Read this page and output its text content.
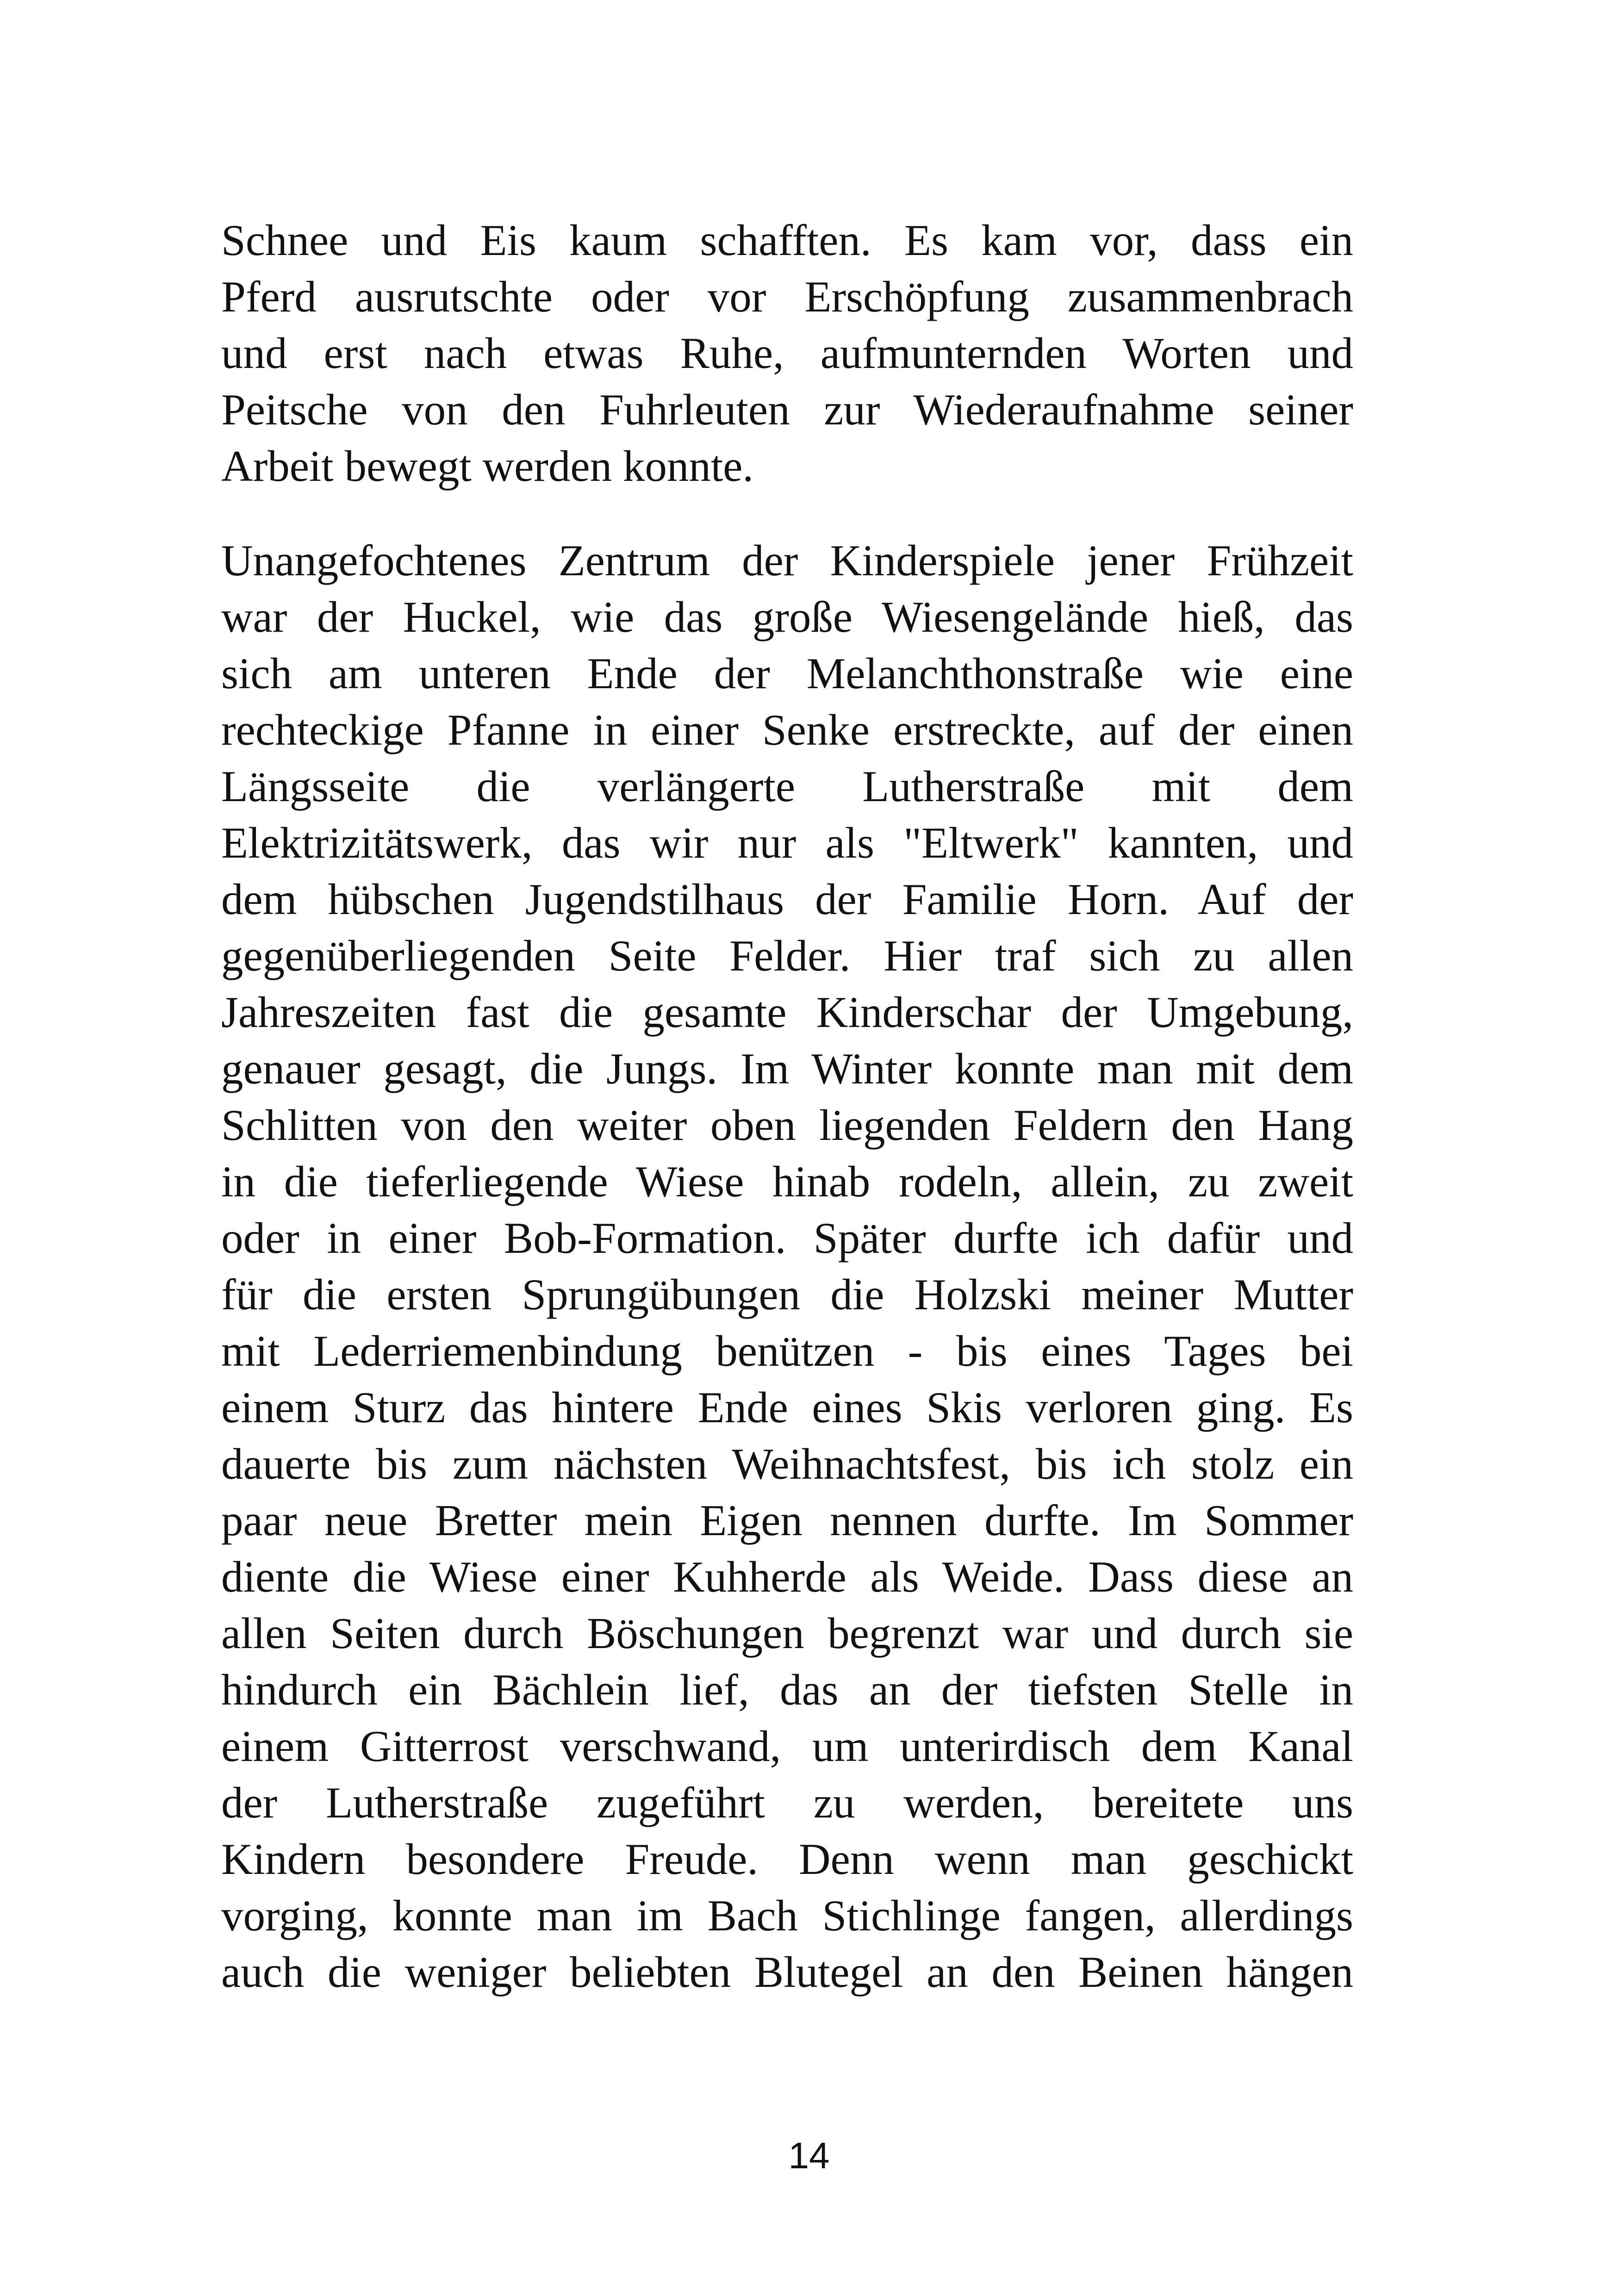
Schnee und Eis kaum schafften. Es kam vor, dass ein
Pferd ausrutschte oder vor Erschöpfung zusammenbrach
und erst nach etwas Ruhe, aufmunternden Worten und
Peitsche von den Fuhrleuten zur Wiederaufnahme seiner
Arbeit bewegt werden konnte.
Unangefochtenes Zentrum der Kinderspiele jener Frühzeit
war der Huckel, wie das große Wiesengelände hieß, das
sich am unteren Ende der Melanchthonstraße wie eine
rechteckige Pfanne in einer Senke erstreckte, auf der einen
Längsseite die verlängerte Lutherstraße mit dem
Elektrizitätswerk, das wir nur als "Eltwerk" kannten, und
dem hübschen Jugendstilhaus der Familie Horn. Auf der
gegenüberliegenden Seite Felder. Hier traf sich zu allen
Jahreszeiten fast die gesamte Kinderschar der Umgebung,
genauer gesagt, die Jungs. Im Winter konnte man mit dem
Schlitten von den weiter oben liegenden Feldern den Hang
in die tieferliegende Wiese hinab rodeln, allein, zu zweit
oder in einer Bob-Formation. Später durfte ich dafür und
für die ersten Sprungübungen die Holzski meiner Mutter
mit Lederriemenbindung benützen - bis eines Tages bei
einem Sturz das hintere Ende eines Skis verloren ging. Es
dauerte bis zum nächsten Weihnachtsfest, bis ich stolz ein
paar neue Bretter mein Eigen nennen durfte. Im Sommer
diente die Wiese einer Kuhherde als Weide. Dass diese an
allen Seiten durch Böschungen begrenzt war und durch sie
hindurch ein Bächlein lief, das an der tiefsten Stelle in
einem Gitterrost verschwand, um unterirdisch dem Kanal
der Lutherstraße zugeführt zu werden, bereitete uns
Kindern besondere Freude. Denn wenn man geschickt
vorging, konnte man im Bach Stichlinge fangen, allerdings
auch die weniger beliebten Blutegel an den Beinen hängen
14
